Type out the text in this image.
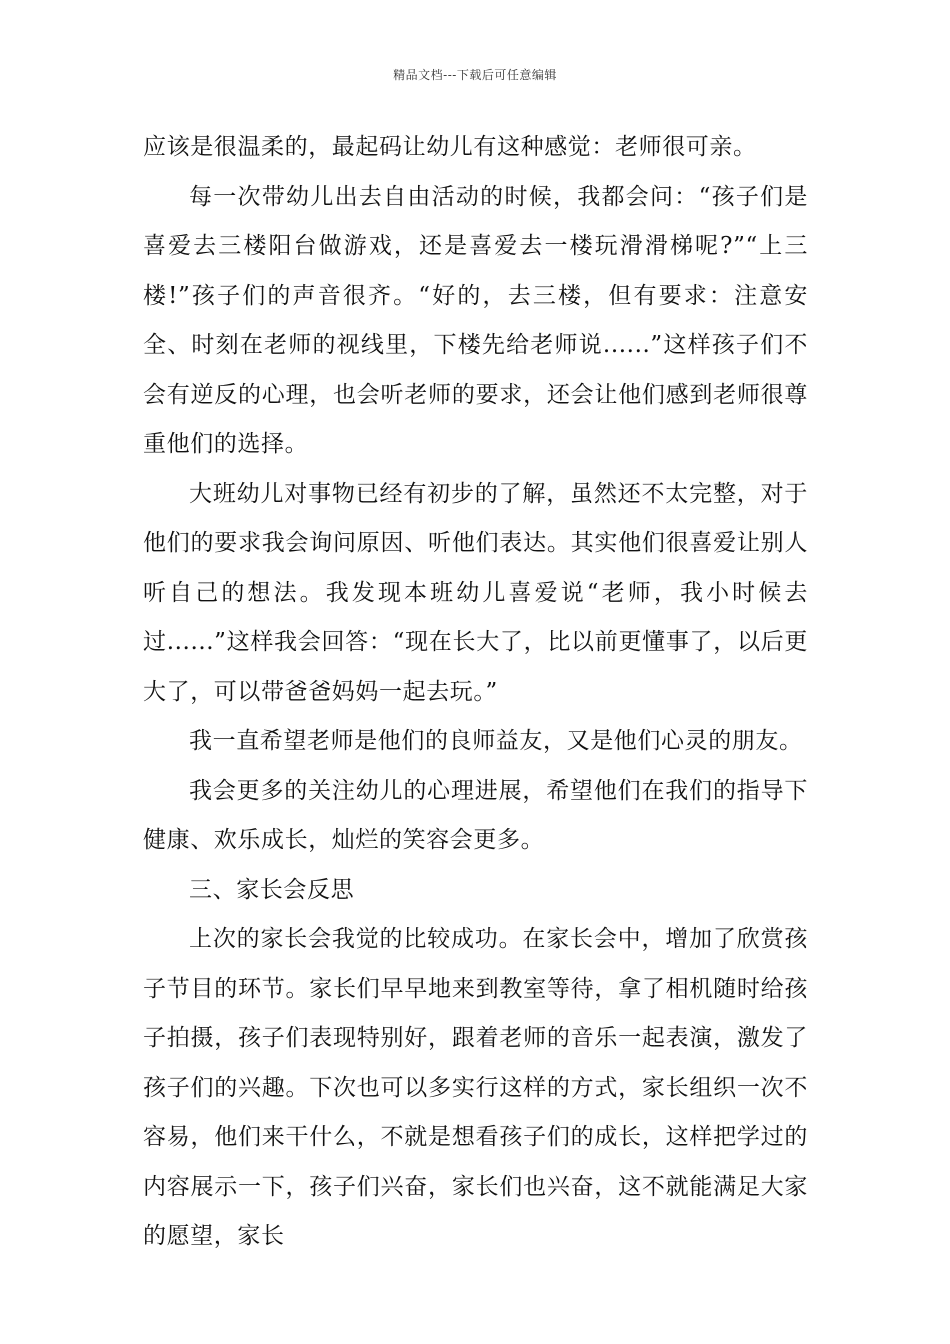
精品文档---下载后可任意编辑

应该是很温柔的，最起码让幼儿有这种感觉：老师很可亲。

每一次带幼儿出去自由活动的时候，我都会问：“孩子们是喜爱去三楼阳台做游戏，还是喜爱去一楼玩滑滑梯呢?”“上三楼!”孩子们的声音很齐。“好的，去三楼，但有要求：注意安全、时刻在老师的视线里，下楼先给老师说......”这样孩子们不会有逆反的心理，也会听老师的要求，还会让他们感到老师很尊重他们的选择。

大班幼儿对事物已经有初步的了解，虽然还不太完整，对于他们的要求我会询问原因、听他们表达。其实他们很喜爱让别人听自己的想法。我发现本班幼儿喜爱说“老师，我小时候去过......”这样我会回答：“现在长大了，比以前更懂事了，以后更大了，可以带爸爸妈妈一起去玩。”

我一直希望老师是他们的良师益友，又是他们心灵的朋友。

我会更多的关注幼儿的心理进展，希望他们在我们的指导下健康、欢乐成长，灿烂的笑容会更多。

三、家长会反思

上次的家长会我觉的比较成功。在家长会中，增加了欣赏孩子节目的环节。家长们早早地来到教室等待，拿了相机随时给孩子拍摄，孩子们表现特别好，跟着老师的音乐一起表演，激发了孩子们的兴趣。下次也可以多实行这样的方式，家长组织一次不容易，他们来干什么，不就是想看孩子们的成长，这样把学过的内容展示一下，孩子们兴奋，家长们也兴奋，这不就能满足大家的愿望，家长
